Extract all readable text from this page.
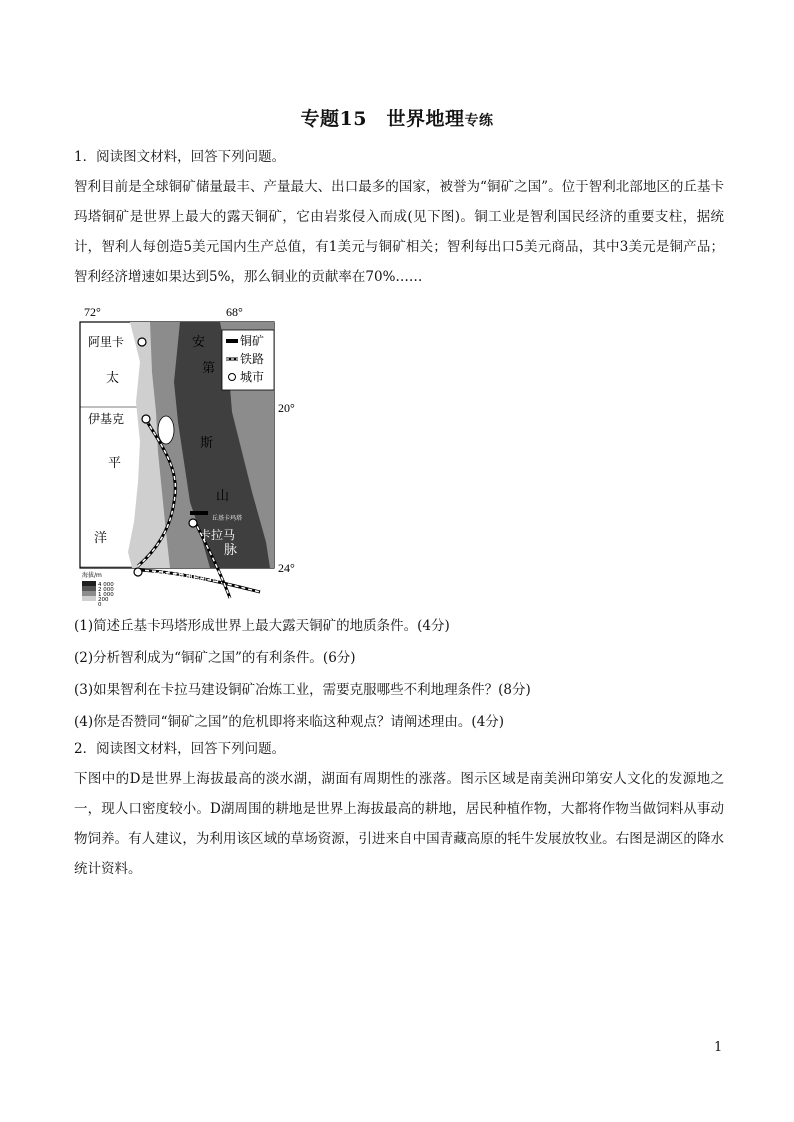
专题15　世界地理专练
1．阅读图文材料，回答下列问题。
智利目前是全球铜矿储量最丰、产量最大、出口最多的国家，被誉为“铜矿之国”。位于智利北部地区的丘基卡玛塔铜矿是世界上最大的露天铜矿，它由岩浆侵入而成(见下图)。铜工业是智利国民经济的重要支柱，据统计，智利人每创造5美元国内生产总值，有1美元与铜矿相关；智利每出口5美元商品，其中3美元是铜产品；智利经济增速如果达到5%，那么铜业的贡献率在70%……
72°	68°
丘基卡玛塔
阿里卡
伊基克
卡拉马
安托法加斯塔
太
平
洋
安
第
斯
山
脉
铜矿
铁路
城市
20°
24°
海拔/m
4 000
2 000
1 000
200
0
(1)简述丘基卡玛塔形成世界上最大露天铜矿的地质条件。(4分)
(2)分析智利成为“铜矿之国”的有利条件。(6分)
(3)如果智利在卡拉马建设铜矿冶炼工业，需要克服哪些不利地理条件？(8分)
(4)你是否赞同“铜矿之国”的危机即将来临这种观点？请阐述理由。(4分)
2．阅读图文材料，回答下列问题。
下图中的D是世界上海拔最高的淡水湖，湖面有周期性的涨落。图示区域是南美洲印第安人文化的发源地之一，现人口密度较小。D湖周围的耕地是世界上海拔最高的耕地，居民种植作物，大都将作物当做饲料从事动物饲养。有人建议，为利用该区域的草场资源，引进来自中国青藏高原的牦牛发展放牧业。右图是湖区的降水统计资料。
1
